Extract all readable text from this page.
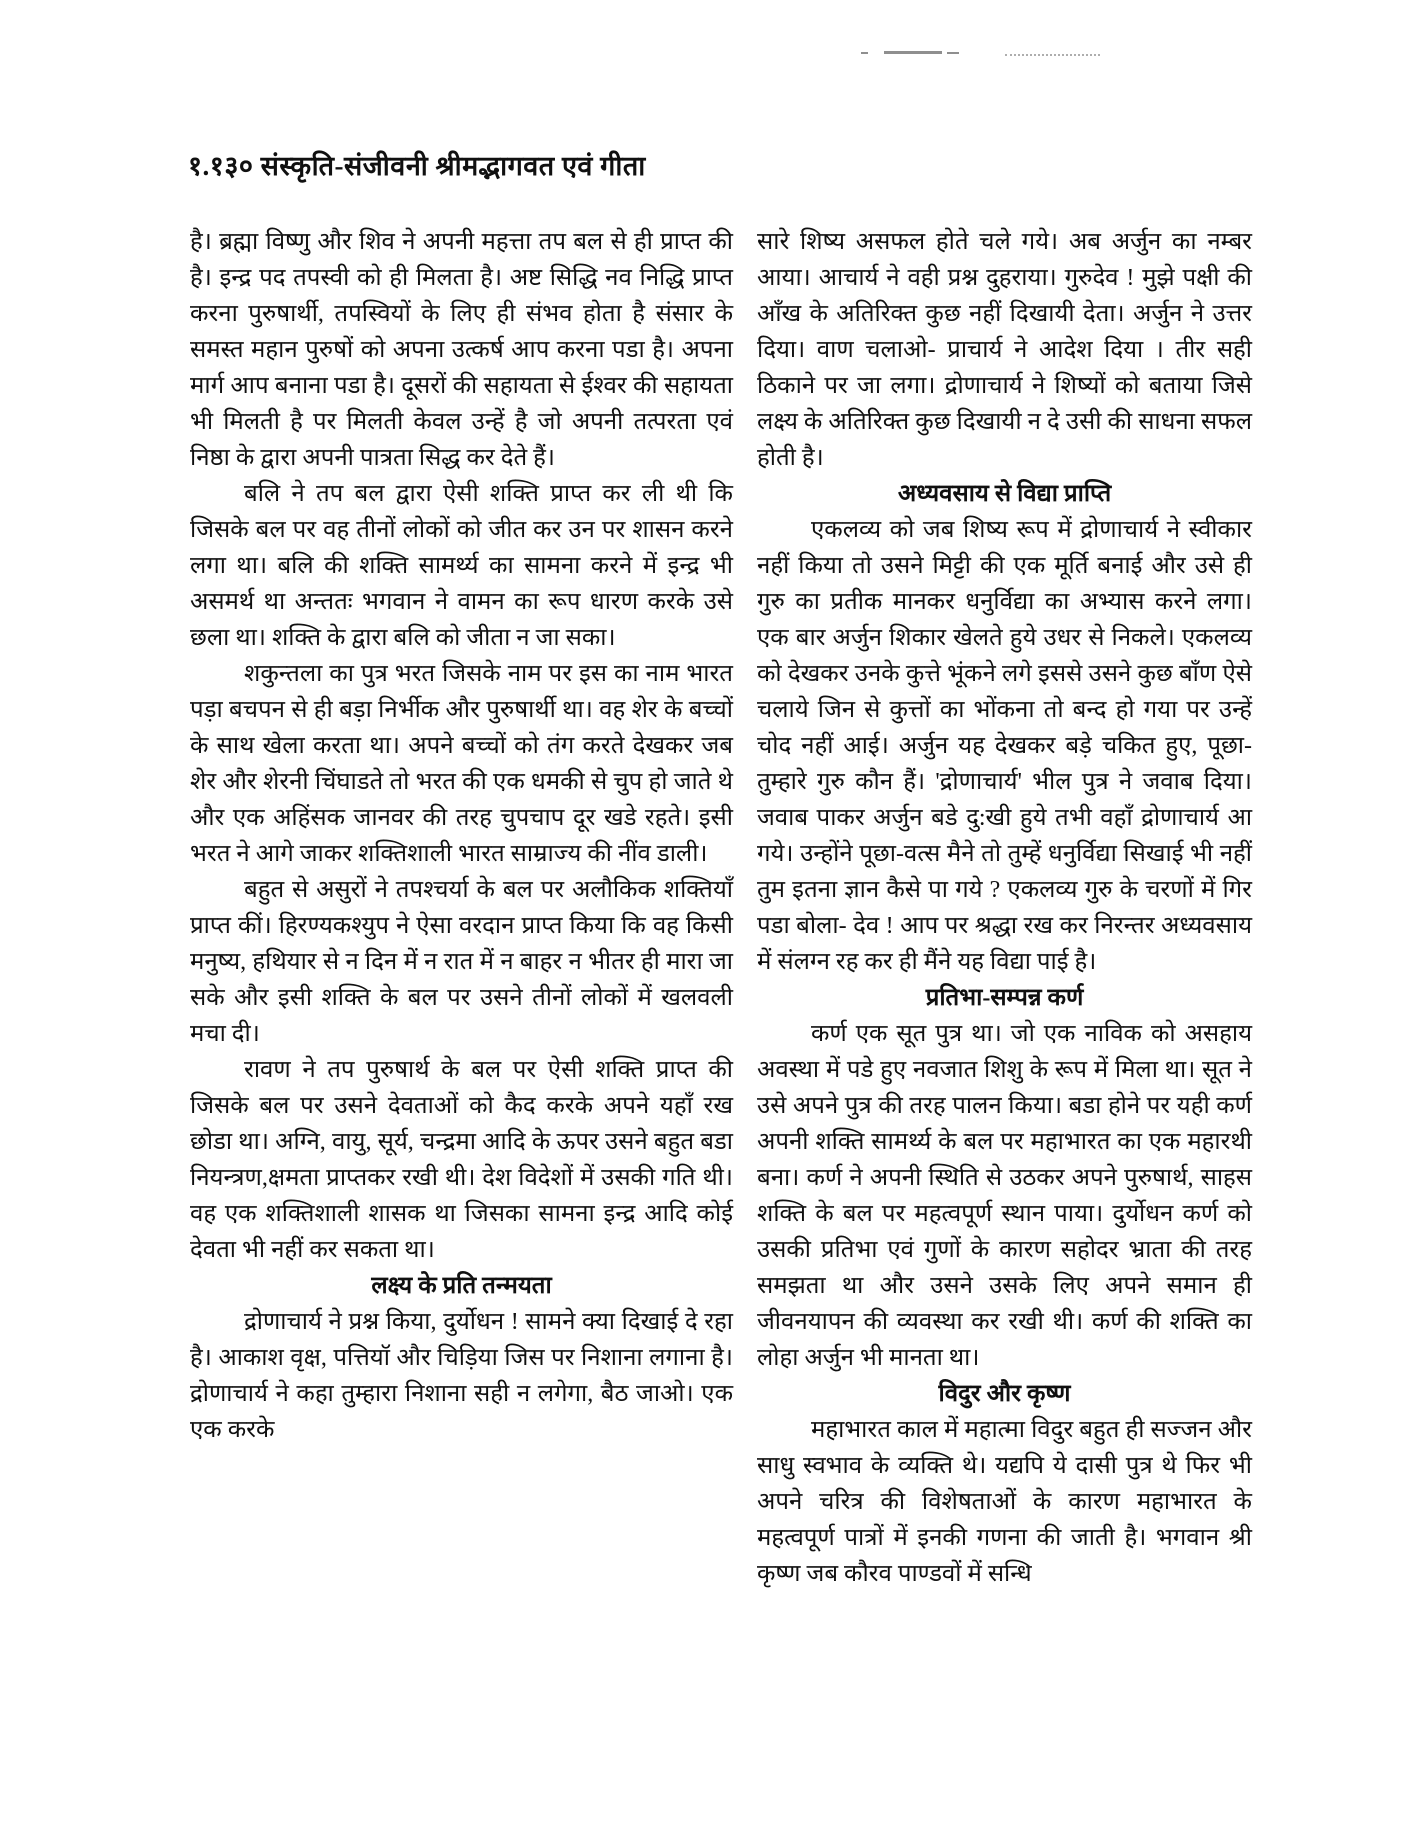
१.१३० संस्कृति-संजीवनी श्रीमद्भागवत एवं गीता

है। ब्रह्मा विष्णु और शिव ने अपनी महत्ता तप बल से ही प्राप्त की है। इन्द्र पद तपस्वी को ही मिलता है। अष्ट सिद्धि नव निद्धि प्राप्त करना पुरुषार्थी, तपस्वियों के लिए ही संभव होता है संसार के समस्त महान पुरुषों को अपना उत्कर्ष आप करना पडा है। अपना मार्ग आप बनाना पडा है। दूसरों की सहायता से ईश्वर की सहायता भी मिलती है पर मिलती केवल उन्हें है जो अपनी तत्परता एवं निष्ठा के द्वारा अपनी पात्रता सिद्ध कर देते हैं।

बलि ने तप बल द्वारा ऐसी शक्ति प्राप्त कर ली थी कि जिसके बल पर वह तीनों लोकों को जीत कर उन पर शासन करने लगा था। बलि की शक्ति सामर्थ्य का सामना करने में इन्द्र भी असमर्थ था अन्ततः भगवान ने वामन का रूप धारण करके उसे छला था। शक्ति के द्वारा बलि को जीता न जा सका।

शकुन्तला का पुत्र भरत जिसके नाम पर इस का नाम भारत पड़ा बचपन से ही बड़ा निर्भीक और पुरुषार्थी था। वह शेर के बच्चों के साथ खेला करता था। अपने बच्चों को तंग करते देखकर जब शेर और शेरनी चिंघाडते तो भरत की एक धमकी से चुप हो जाते थे और एक अहिंसक जानवर की तरह चुपचाप दूर खडे रहते। इसी भरत ने आगे जाकर शक्तिशाली भारत साम्राज्य की नींव डाली।

बहुत से असुरों ने तपश्चर्या के बल पर अलौकिक शक्तियाँ प्राप्त कीं। हिरण्यकश्युप ने ऐसा वरदान प्राप्त किया कि वह किसी मनुष्य, हथियार से न दिन में न रात में न बाहर न भीतर ही मारा जा सके और इसी शक्ति के बल पर उसने तीनों लोकों में खलवली मचा दी।

रावण ने तप पुरुषार्थ के बल पर ऐसी शक्ति प्राप्त की जिसके बल पर उसने देवताओं को कैद करके अपने यहाँ रख छोडा था। अग्नि, वायु, सूर्य, चन्द्रमा आदि के ऊपर उसने बहुत बडा नियन्त्रण,क्षमता प्राप्तकर रखी थी। देश विदेशों में उसकी गति थी। वह एक शक्तिशाली शासक था जिसका सामना इन्द्र आदि कोई देवता भी नहीं कर सकता था।

लक्ष्य के प्रति तन्मयता

द्रोणाचार्य ने प्रश्न किया, दुर्योधन ! सामने क्या दिखाई दे रहा है। आकाश वृक्ष, पत्तियॉ और चिड़िया जिस पर निशाना लगाना है। द्रोणाचार्य ने कहा तुम्हारा निशाना सही न लगेगा, बैठ जाओ। एक एक करके

सारे शिष्य असफल होते चले गये। अब अर्जुन का नम्बर आया। आचार्य ने वही प्रश्न दुहराया। गुरुदेव ! मुझे पक्षी की आँख के अतिरिक्त कुछ नहीं दिखायी देता। अर्जुन ने उत्तर दिया। वाण चलाओ- प्राचार्य ने आदेश दिया । तीर सही ठिकाने पर जा लगा। द्रोणाचार्य ने शिष्यों को बताया जिसे लक्ष्य के अतिरिक्त कुछ दिखायी न दे उसी की साधना सफल होती है।

अध्यवसाय से विद्या प्राप्ति

एकलव्य को जब शिष्य रूप में द्रोणाचार्य ने स्वीकार नहीं किया तो उसने मिट्टी की एक मूर्ति बनाई और उसे ही गुरु का प्रतीक मानकर धनुर्विद्या का अभ्यास करने लगा। एक बार अर्जुन शिकार खेलते हुये उधर से निकले। एकलव्य को देखकर उनके कुत्ते भूंकने लगे इससे उसने कुछ बाँण ऐसे चलाये जिन से कुत्तों का भोंकना तो बन्द हो गया पर उन्हें चोद नहीं आई। अर्जुन यह देखकर बड़े चकित हुए, पूछा-तुम्हारे गुरु कौन हैं। 'द्रोणाचार्य' भील पुत्र ने जवाब दिया। जवाब पाकर अर्जुन बडे दु:खी हुये तभी वहाँ द्रोणाचार्य आ गये। उन्होंने पूछा-वत्स मैने तो तुम्हें धनुर्विद्या सिखाई भी नहीं तुम इतना ज्ञान कैसे पा गये ? एकलव्य गुरु के चरणों में गिर पडा बोला- देव ! आप पर श्रद्धा रख कर निरन्तर अध्यवसाय में संलग्न रह कर ही मैंने यह विद्या पाई है।

प्रतिभा-सम्पन्न कर्ण

कर्ण एक सूत पुत्र था। जो एक नाविक को असहाय अवस्था में पडे हुए नवजात शिशु के रूप में मिला था। सूत ने उसे अपने पुत्र की तरह पालन किया। बडा होने पर यही कर्ण अपनी शक्ति सामर्थ्य के बल पर महाभारत का एक महारथी बना। कर्ण ने अपनी स्थिति से उठकर अपने पुरुषार्थ, साहस शक्ति के बल पर महत्वपूर्ण स्थान पाया। दुर्योधन कर्ण को उसकी प्रतिभा एवं गुणों के कारण सहोदर भ्राता की तरह समझता था और उसने उसके लिए अपने समान ही जीवनयापन की व्यवस्था कर रखी थी। कर्ण की शक्ति का लोहा अर्जुन भी मानता था।

विदुर और कृष्ण

महाभारत काल में महात्मा विदुर बहुत ही सज्जन और साधु स्वभाव के व्यक्ति थे। यद्यपि ये दासी पुत्र थे फिर भी अपने चरित्र की विशेषताओं के कारण महाभारत के महत्वपूर्ण पात्रों में इनकी गणना की जाती है। भगवान श्री कृष्ण जब कौरव पाण्डवों में सन्धि
